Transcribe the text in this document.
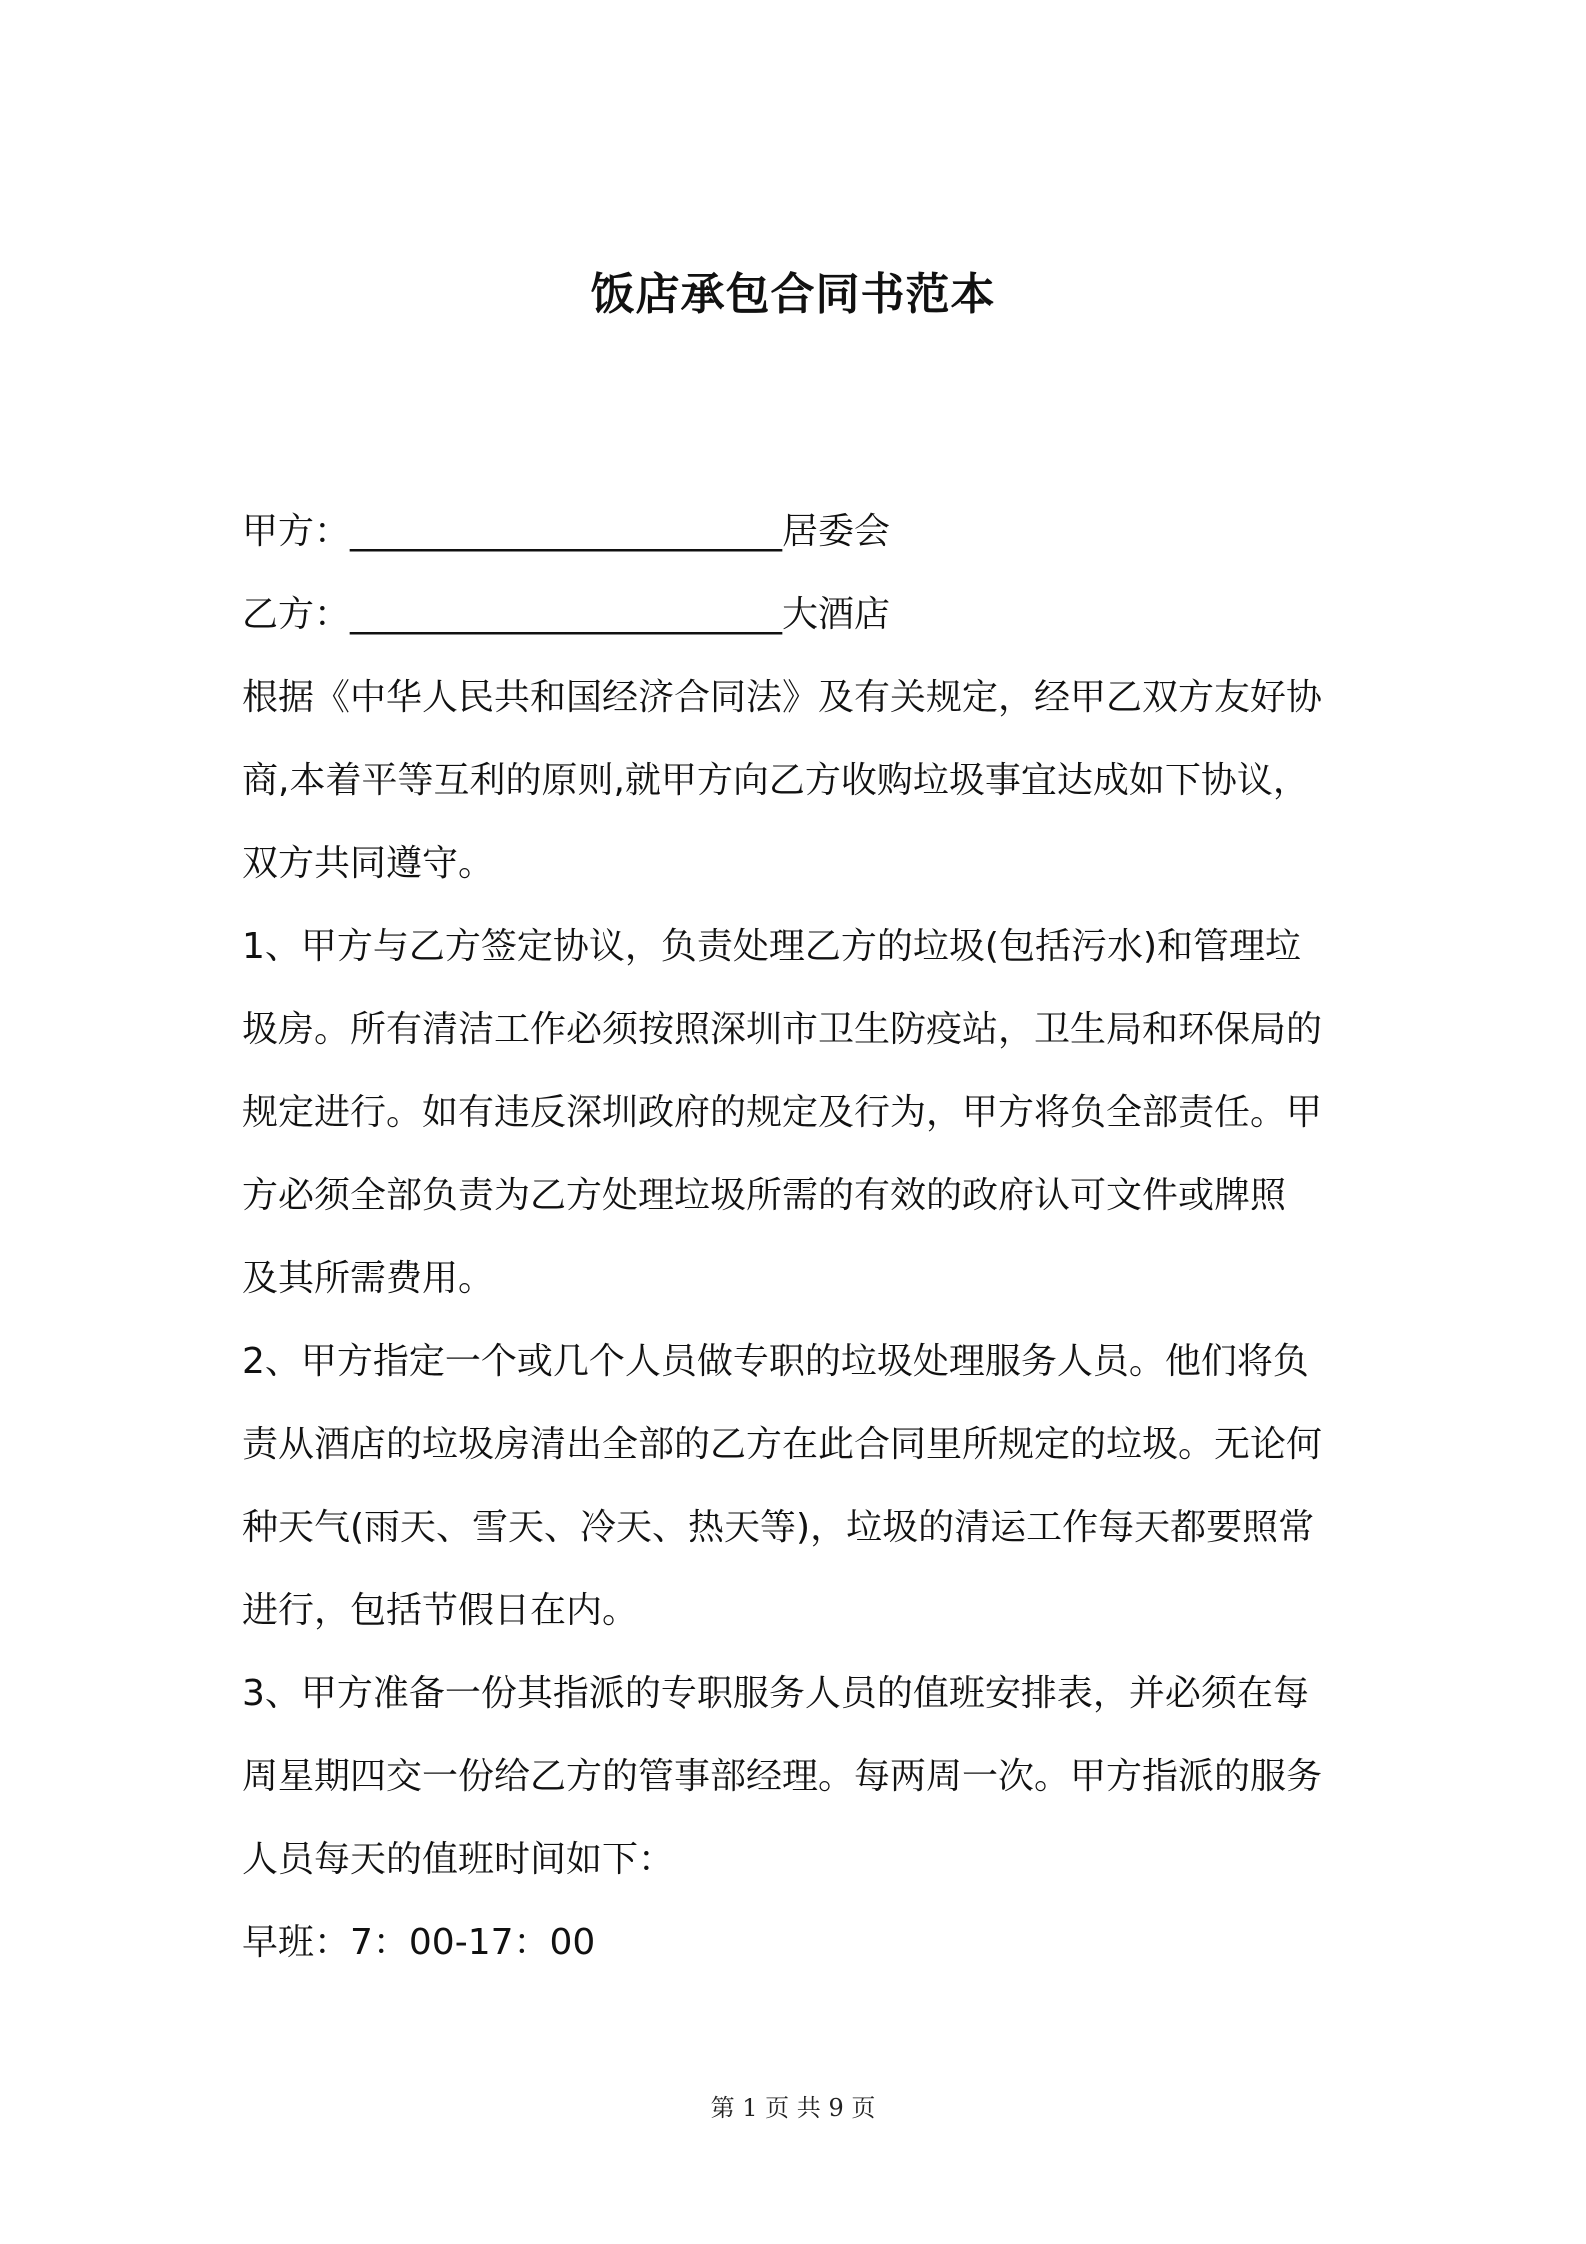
饭店承包合同书范本
甲方：________________________居委会
乙方：________________________大酒店
根据《中华人民共和国经济合同法》及有关规定，经甲乙双方友好协
商,本着平等互利的原则,就甲方向乙方收购垃圾事宜达成如下协议，
双方共同遵守。
1、甲方与乙方签定协议，负责处理乙方的垃圾(包括污水)和管理垃
圾房。所有清洁工作必须按照深圳市卫生防疫站，卫生局和环保局的
规定进行。如有违反深圳政府的规定及行为，甲方将负全部责任。甲
方必须全部负责为乙方处理垃圾所需的有效的政府认可文件或牌照
及其所需费用。
2、甲方指定一个或几个人员做专职的垃圾处理服务人员。他们将负
责从酒店的垃圾房清出全部的乙方在此合同里所规定的垃圾。无论何
种天气(雨天、雪天、冷天、热天等)，垃圾的清运工作每天都要照常
进行，包括节假日在内。
3、甲方准备一份其指派的专职服务人员的值班安排表，并必须在每
周星期四交一份给乙方的管事部经理。每两周一次。甲方指派的服务
人员每天的值班时间如下：
早班：7：00-17：00
第 1 页 共 9 页
